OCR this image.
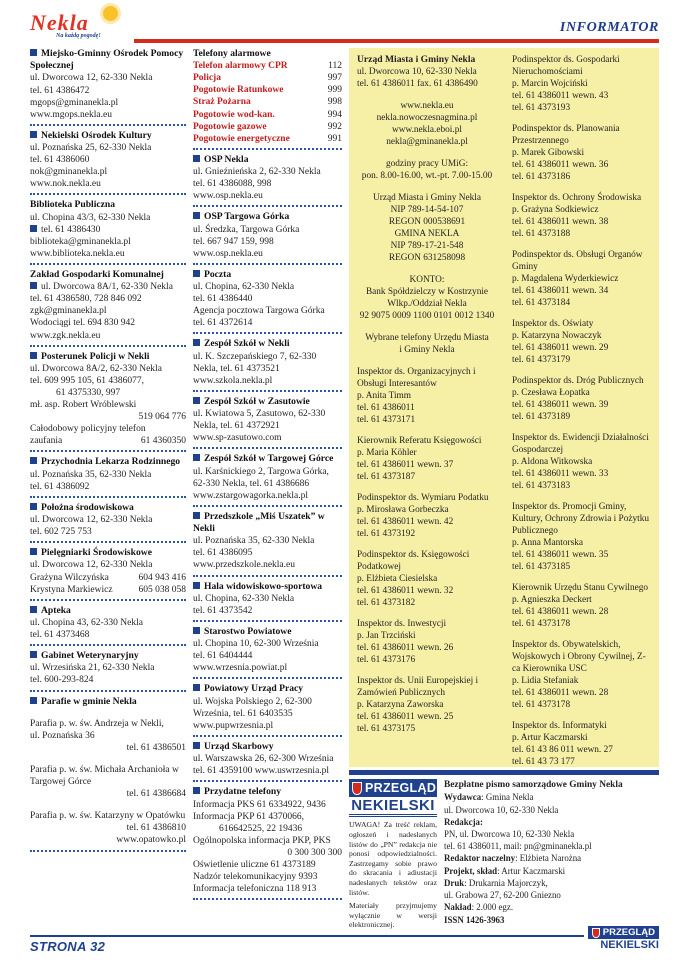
Nekla
Na każdą pogodę!
INFORMATOR
Miejsko-Gminny Ośrodek Pomocy Społecznej
ul. Dworcowa 12, 62-330 Nekla
tel. 61 4386472
mgops@gminanekla.pl
www.mgops.nekla.eu
Nekielski Ośrodek Kultury
ul. Poznańska 25, 62-330 Nekla
tel. 61 4386060
nok@gminanekla.pl
www.nok.nekla.eu
Biblioteka Publiczna
ul. Chopina 43/3, 62-330 Nekla
tel. 61 4386430
biblioteka@gminanekla.pl
www.biblioteka.nekla.eu
Zakład Gospodarki Komunalnej
ul. Dworcowa 8A/1, 62-330 Nekla
tel. 61 4386580, 728 846 092
zgk@gminanekla.pl
Wodociągi tel. 694 830 942
www.zgk.nekla.eu
Posterunek Policji w Nekli
ul. Dworcowa 8A/2, 62-330 Nekla
tel. 609 995 105, 61 4386077,
61 4375330, 997
mł. asp. Robert Wróblewski
519 064 776
Całodobowy policyjny telefon
zaufania	61 4360350
Przychodnia Lekarza Rodzinnego
ul. Poznańska 35, 62-330 Nekla
tel. 61 4386092
Położna środowiskowa
ul. Dworcowa 12, 62-330 Nekla
tel. 602 725 753
Pielęgniarki Środowiskowe
ul. Dworcowa 12, 62-330 Nekla
Grażyna Wilczyńska	604 943 416
Krystyna Markiewicz	605 038 058
Apteka
ul. Chopina 43, 62-330 Nekla
tel. 61 4373468
Gabinet Weterynaryjny
ul. Wrzesińska 21, 62-330 Nekla
tel. 600-293-824
Parafie w gminie Nekla
Parafia p. w. św. Andrzeja w Nekli,
ul. Poznańska 36
tel. 61 4386501
Parafia p. w. św. Michała Archanioła w Targowej Górce
tel. 61 4386684
Parafia p. w. św. Katarzyny w Opatówku
tel. 61 4386810
www.opatowko.pl
Telefony alarmowe
Telefon alarmowy CPR	112
Policja	997
Pogotowie Ratunkowe	999
Straż Pożarna	998
Pogotowie wod-kan.	994
Pogotowie gazowe	992
Pogotowie energetyczne	991
OSP Nekla
ul. Gnieźnieńska 2, 62-330 Nekla
tel. 61 4386088, 998
www.osp.nekla.eu
OSP Targowa Górka
ul. Średzka, Targowa Górka
tel. 667 947 159, 998
www.osp.nekla.eu
Poczta
ul. Chopina, 62-330 Nekla
tel. 61 4386440
Agencja pocztowa Targowa Górka
tel. 61 4372614
Zespół Szkół w Nekli
ul. K. Szczepańskiego 7, 62-330 Nekla, tel. 61 4373521
www.szkola.nekla.pl
Zespół Szkół w Zasutowie
ul. Kwiatowa 5, Zasutowo, 62-330 Nekla, tel. 61 4372921
www.sp-zasutowo.com
Zespół Szkół w Targowej Górce
ul. Karśnickiego 2, Targowa Górka, 62-330 Nekla, tel. 61 4386686
www.zstargowagorka.nekla.pl
Przedszkole „Miś Uszatek” w Nekli
ul. Poznańska 35, 62-330 Nekla
tel. 61 4386095
www.przedszkole.nekla.eu
Hala widowiskowo-sportowa
ul. Chopina, 62-330 Nekla
tel. 61 4373542
Starostwo Powiatowe
ul. Chopina 10, 62-300 Września
tel. 61 6404444
www.wrzesnia.powiat.pl
Powiatowy Urząd Pracy
ul. Wojska Polskiego 2, 62-300 Września, tel. 61 6403535
www.pupwrzesnia.pl
Urząd Skarbowy
ul. Warszawska 26, 62-300 Września
tel. 61 4359100 www.uswrzesnia.pl
Przydatne telefony
Informacja PKS 61 6334922, 9436
Informacja PKP 61 4370066,
616642525, 22 19436
Ogólnopolska informacja PKP, PKS
0 300 300 300
Oświetlenie uliczne 61 4373189
Nadzór telekomunikacyjny 9393
Informacja telefoniczna 118 913
Urząd Miasta i Gminy Nekla
ul. Dworcowa 10, 62-330 Nekla
tel. 61 4386011 fax. 61 4386490
www.nekla.eu
nekla.nowoczesnagmina.pl
www.nekla.eboi.pl
nekla@gminanekla.pl
godziny pracy UMiG:
pon. 8.00-16.00, wt.-pt. 7.00-15.00
Urząd Miasta i Gminy Nekla
NIP 789-14-54-107
REGON 000538691
GMINA NEKLA
NIP 789-17-21-548
REGON 631258098
KONTO:
Bank Spółdzielczy w Kostrzynie
Wlkp./Oddział Nekla
92 9075 0009 1100 0101 0012 1340
Wybrane telefony Urzędu Miasta
i Gminy Nekla
Inspektor ds. Organizacyjnych i Obsługi Interesantów
p. Anita Timm
tel. 61 4386011
tel. 61 4373171
Kierownik Referatu Księgowości
p. Maria Köhler
tel. 61 4386011 wewn. 37
tel. 61 4373187
Podinspektor ds. Wymiaru Podatku
p. Mirosława Gorbeczka
tel. 61 4386011 wewn. 42
tel. 61 4373192
Podinspektor ds. Księgowości Podatkowej
p. Elżbieta Ciesielska
tel. 61 4386011 wewn. 32
tel. 61 4373182
Inspektor ds. Inwestycji
p. Jan Trzciński
tel. 61 4386011 wewn. 26
tel. 61 4373176
Inspektor ds. Unii Europejskiej i Zamówień Publicznych
p. Katarzyna Zaworska
tel. 61 4386011 wewn. 25
tel. 61 4373175
Podinspektor ds. Gospodarki Nieruchomościami
p. Marcin Wojciński
tel. 61 4386011 wewn. 43
tel. 61 4373193
Podinspektor ds. Planowania Przestrzennego
p. Marek Gibowski
tel. 61 4386011 wewn. 36
tel. 61 4373186
Inspektor ds. Ochrony Środowiska
p. Grażyna Sodkiewicz
tel. 61 4386011 wewn. 38
tel. 61 4373188
Podinspektor ds. Obsługi Organów Gminy
p. Magdalena Wyderkiewicz
tel. 61 4386011 wewn. 34
tel. 61 4373184
Inspektor ds. Oświaty
p. Katarzyna Nowaczyk
tel. 61 4386011 wewn. 29
tel. 61 4373179
Podinspektor ds. Dróg Publicznych
p. Czesława Łopatka
tel. 61 4386011 wewn. 39
tel. 61 4373189
Inspektor ds. Ewidencji Działalności Gospodarczej
p. Aldona Witkowska
tel. 61 4386011 wewn. 33
tel. 61 4373183
Inspektor ds. Promocji Gminy, Kultury, Ochrony Zdrowia i Pożytku Publicznego
p. Anna Mantorska
tel. 61 4386011 wewn. 35
tel. 61 4373185
Kierownik Urzędu Stanu Cywilnego
p. Agnieszka Deckert
tel. 61 4386011 wewn. 28
tel. 61 4373178
Inspektor ds. Obywatelskich, Wojskowych i Obrony Cywilnej, Z-ca Kierownika USC
p. Lidia Stefaniak
tel. 61 4386011 wewn. 28
tel. 61 4373178
Inspektor ds. Informatyki
p. Artur Kaczmarski
tel. 61 43 86 011 wewn. 27
tel. 61 43 73 177
PRZEGLĄD
NEKIELSKI

UWAGA! Za treść reklam, ogłoszeń i nadesłanych listów do „PN” redakcja nie ponosi odpowiedzialności. Zastrzegamy sobie prawo do skracania i adiustacji nadesłanych tekstów oraz listów.

Materiały przyjmujemy wyłącznie w wersji elektronicznej.

Bezpłatne pismo samorządowe Gminy Nekla
Wydawca: Gmina Nekla
ul. Dworcowa 10, 62-330 Nekla
Redakcja:
PN, ul. Dworcowa 10, 62-330 Nekla
tel. 61 4386011, mail: pn@gminanekla.pl
Redaktor naczelny: Elżbieta Narożna
Projekt, skład: Artur Kaczmarski
Druk: Drukarnia Majorczyk,
ul. Grabowa 27, 62-200 Gniezno
Nakład: 2.000 egz.
ISSN 1426-3963
STRONA 32
PRZEGLĄD
NEKIELSKI
